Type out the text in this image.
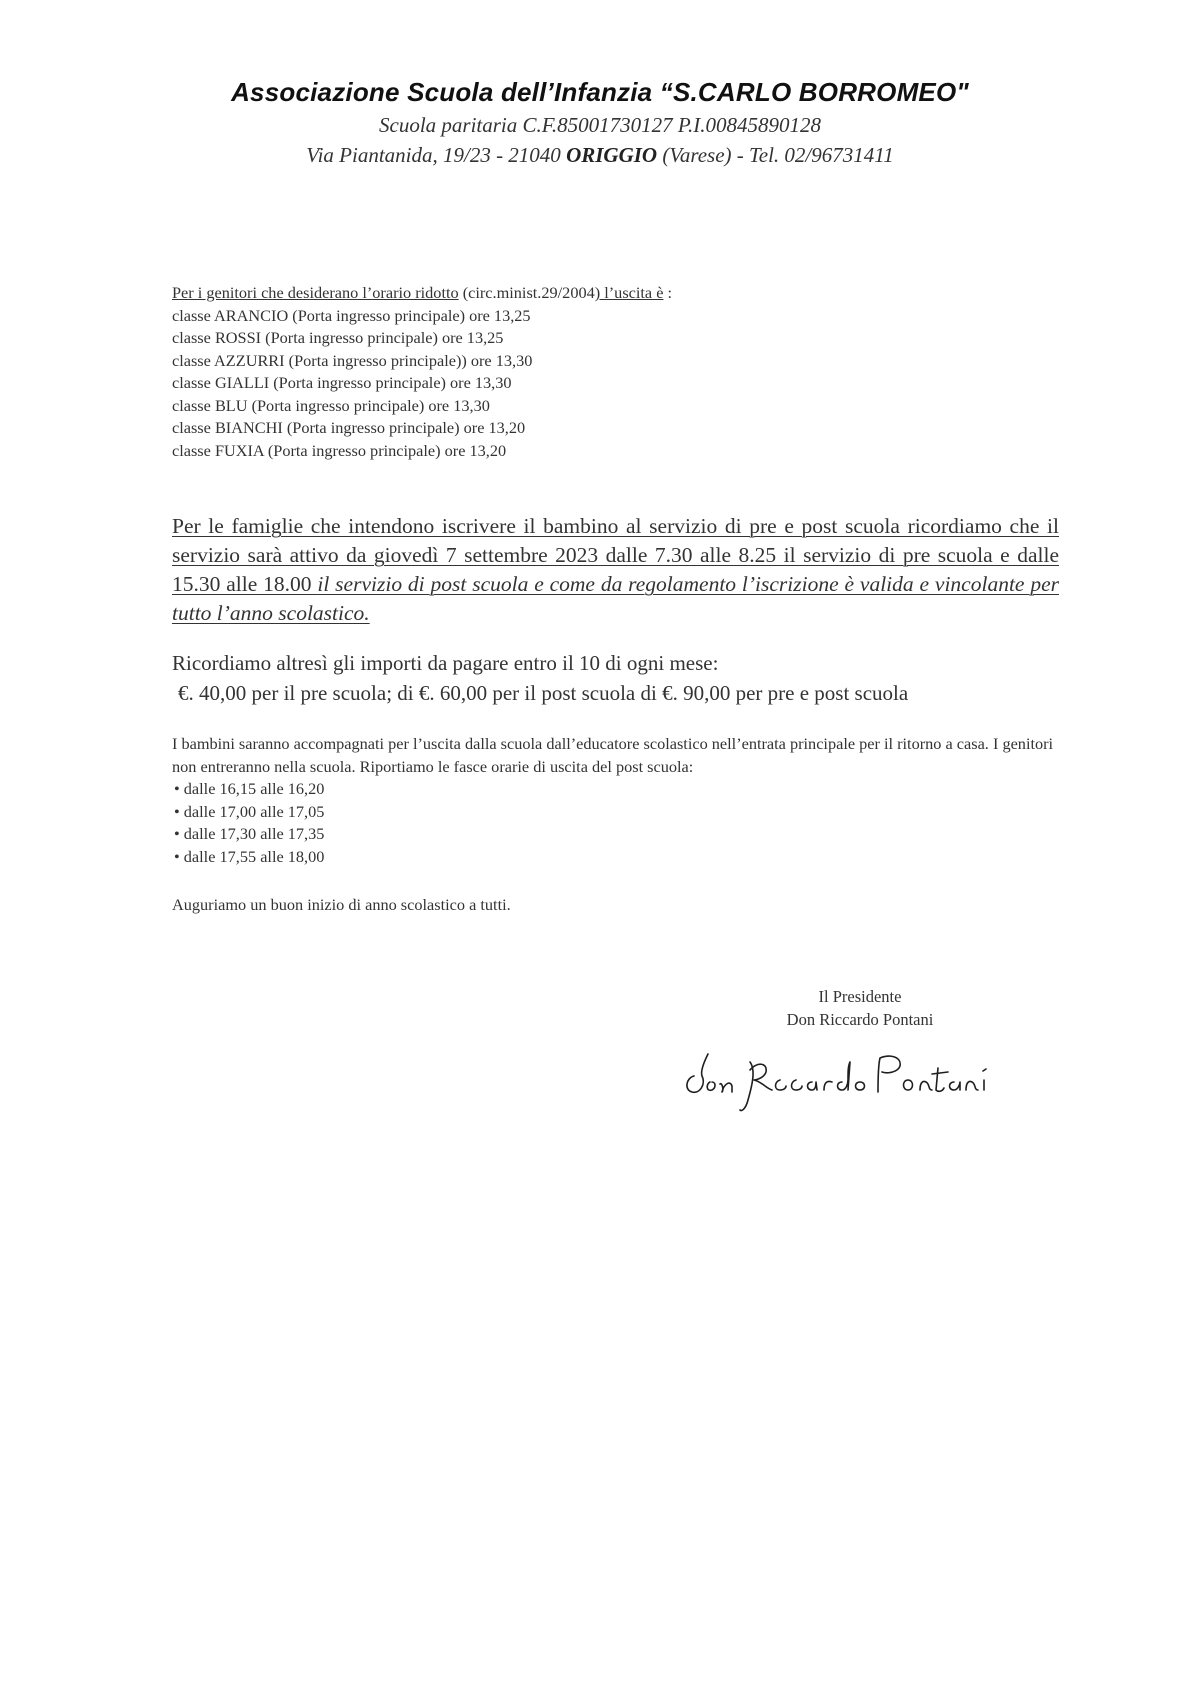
Associazione Scuola dell’Infanzia “S.CARLO BORROMEO"
Scuola paritaria C.F.85001730127 P.I.00845890128
Via Piantanida, 19/23 - 21040 ORIGGIO (Varese) - Tel. 02/96731411
Per i genitori che desiderano l’orario ridotto (circ.minist.29/2004) l’uscita è :
classe ARANCIO (Porta ingresso principale) ore 13,25
classe ROSSI (Porta ingresso principale) ore 13,25
classe AZZURRI (Porta ingresso principale)) ore 13,30
classe GIALLI (Porta ingresso principale) ore 13,30
classe BLU (Porta ingresso principale) ore 13,30
classe BIANCHI (Porta ingresso principale) ore 13,20
classe FUXIA (Porta ingresso principale) ore 13,20
Per le famiglie che intendono iscrivere il bambino al servizio di pre e post scuola ricordiamo che il servizio sarà attivo da giovedì 7 settembre 2023 dalle 7.30 alle 8.25 il servizio di pre scuola e dalle 15.30 alle 18.00 il servizio di post scuola e come da regolamento l’iscrizione è valida e vincolante per tutto l’anno scolastico.
Ricordiamo altresì gli importi da pagare entro il 10 di ogni mese:
€. 40,00 per il pre scuola; di €. 60,00 per il post scuola di €. 90,00 per pre e post scuola
I bambini saranno accompagnati per l’uscita dalla scuola dall’educatore scolastico nell’entrata principale per il ritorno a casa. I genitori non entreranno nella scuola. Riportiamo le fasce orarie di uscita del post scuola:
• dalle 16,15 alle 16,20
• dalle 17,00 alle 17,05
• dalle 17,30 alle 17,35
• dalle 17,55 alle 18,00
Auguriamo un buon inizio di anno scolastico a tutti.
Il Presidente
Don Riccardo Pontani
